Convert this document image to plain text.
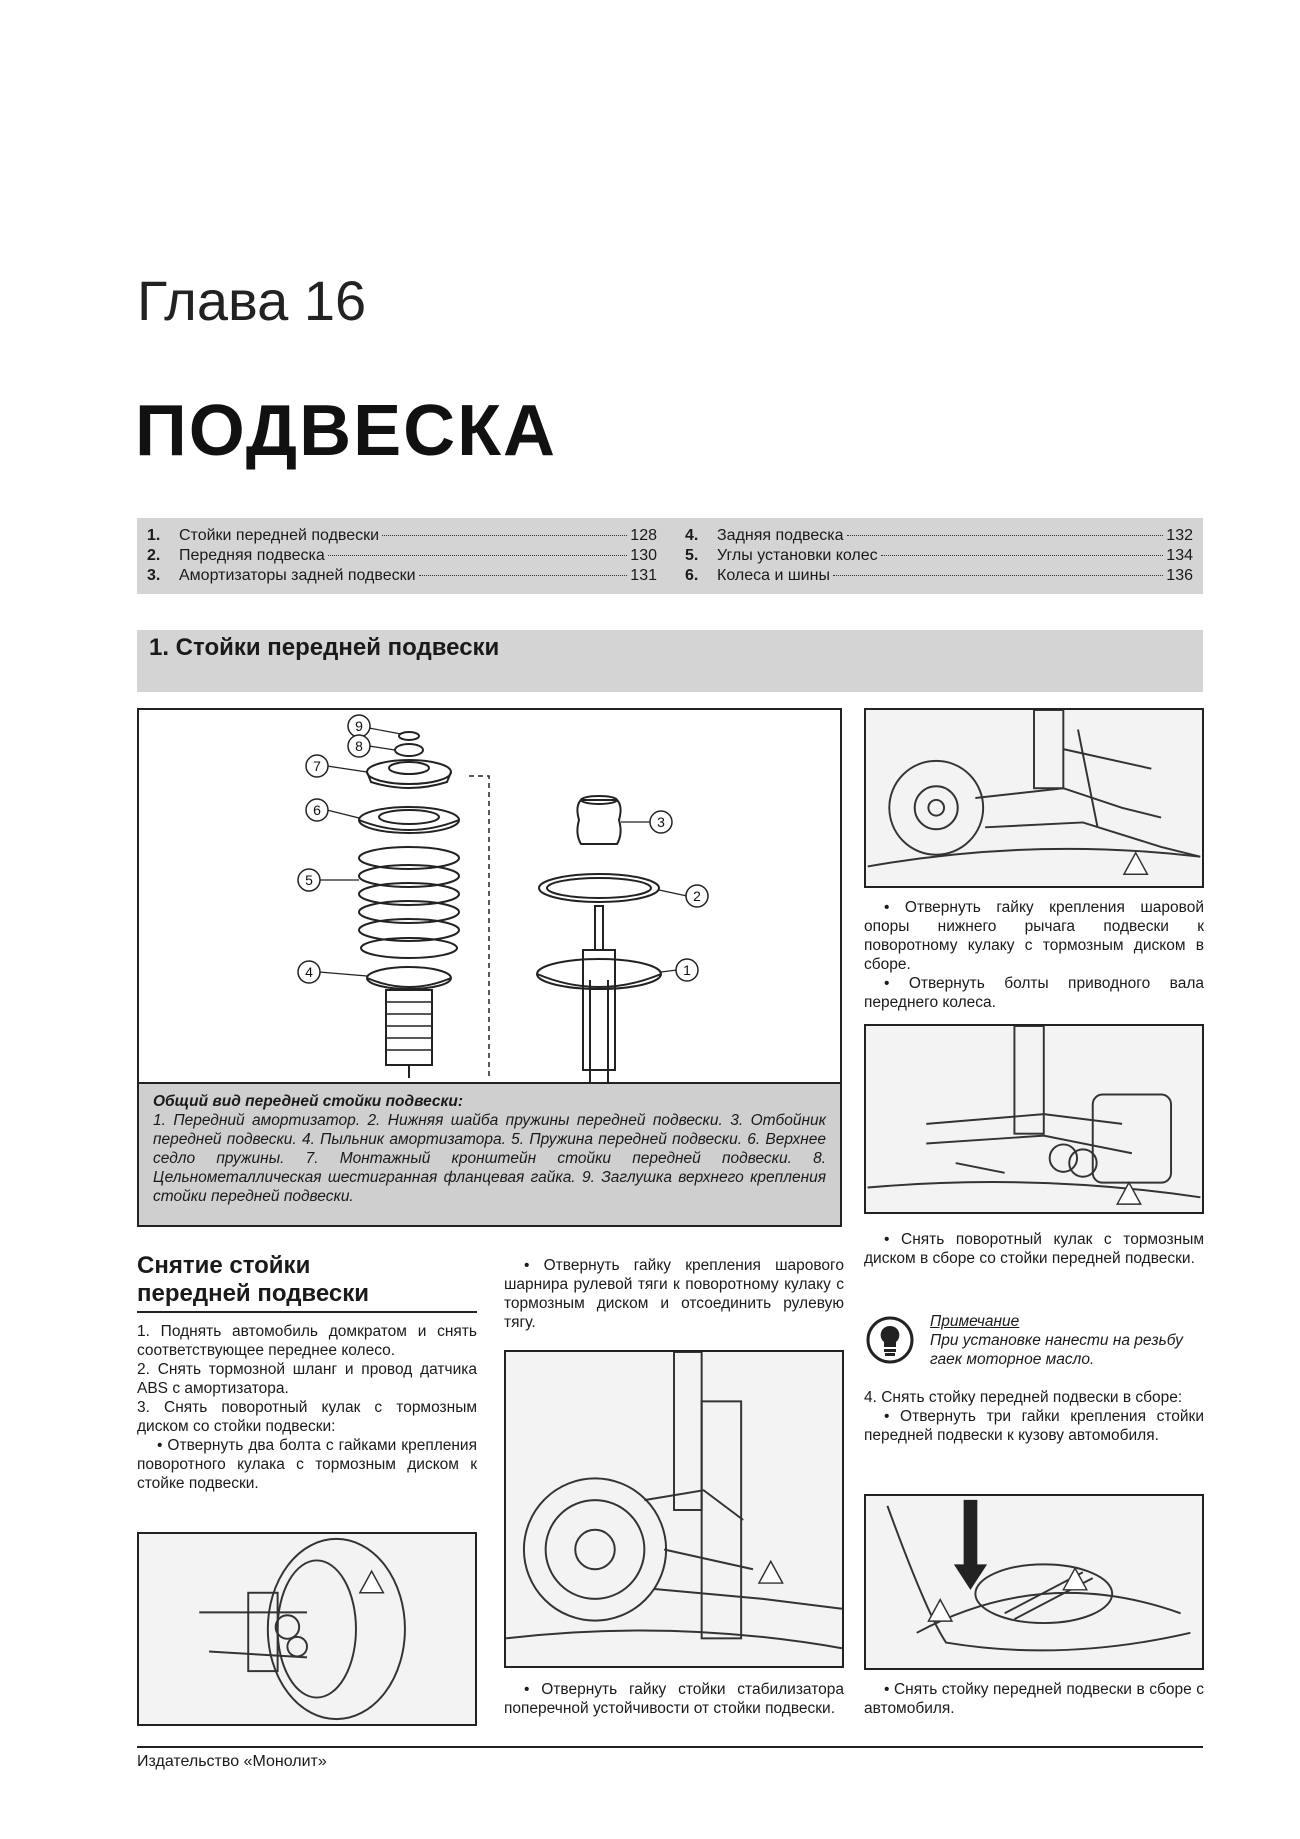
Глава 16
ПОДВЕСКА
1.	Стойки передней подвески	128
2.	Передняя подвеска	130
3.	Амортизаторы задней подвески	131
4.	Задняя подвеска	132
5.	Углы установки колес	134
6.	Колеса и шины	136
1. Стойки передней подвески
9
8
7
6
5
4
3
2
1
Общий вид передней стойки подвески:
1. Передний амортизатор. 2. Нижняя шайба пружины передней подвески. 3. Отбойник передней подвески. 4. Пыльник амортизатора. 5. Пружина передней подвески. 6. Верхнее седло пружины. 7. Монтажный кронштейн стойки передней подвески. 8. Цельнометаллическая шестигранная фланцевая гайка. 9. Заглушка верхнего крепления стойки передней подвески.

• Отвернуть гайку крепления шаровой опоры нижнего рычага подвески к поворотному кулаку с тормозным диском в сборе.

• Отвернуть болты приводного вала переднего колеса.

• Снять поворотный кулак с тормозным диском в сборе со стойки передней подвески.

Примечание
При установке нанести на резьбу гаек моторное масло.

4. Снять стойку передней подвески в сборе:

• Отвернуть три гайки крепления стойки передней подвески к кузову автомобиля.

• Снять стойку передней подвески в сборе с автомобиля.

Снятие стойки
передней подвески

1. Поднять автомобиль домкратом и снять соответствующее переднее колесо.

2. Снять тормозной шланг и провод датчика ABS с амортизатора.

3. Снять поворотный кулак с тормозным диском со стойки подвески:

• Отвернуть два болта с гайками крепления поворотного кулака с тормозным диском к стойке подвески.

• Отвернуть гайку крепления шарового шарнира рулевой тяги к поворотному кулаку с тормозным диском и отсоединить рулевую тягу.

• Отвернуть гайку стойки стабилизатора поперечной устойчивости от стойки подвески.

Издательство «Монолит»
